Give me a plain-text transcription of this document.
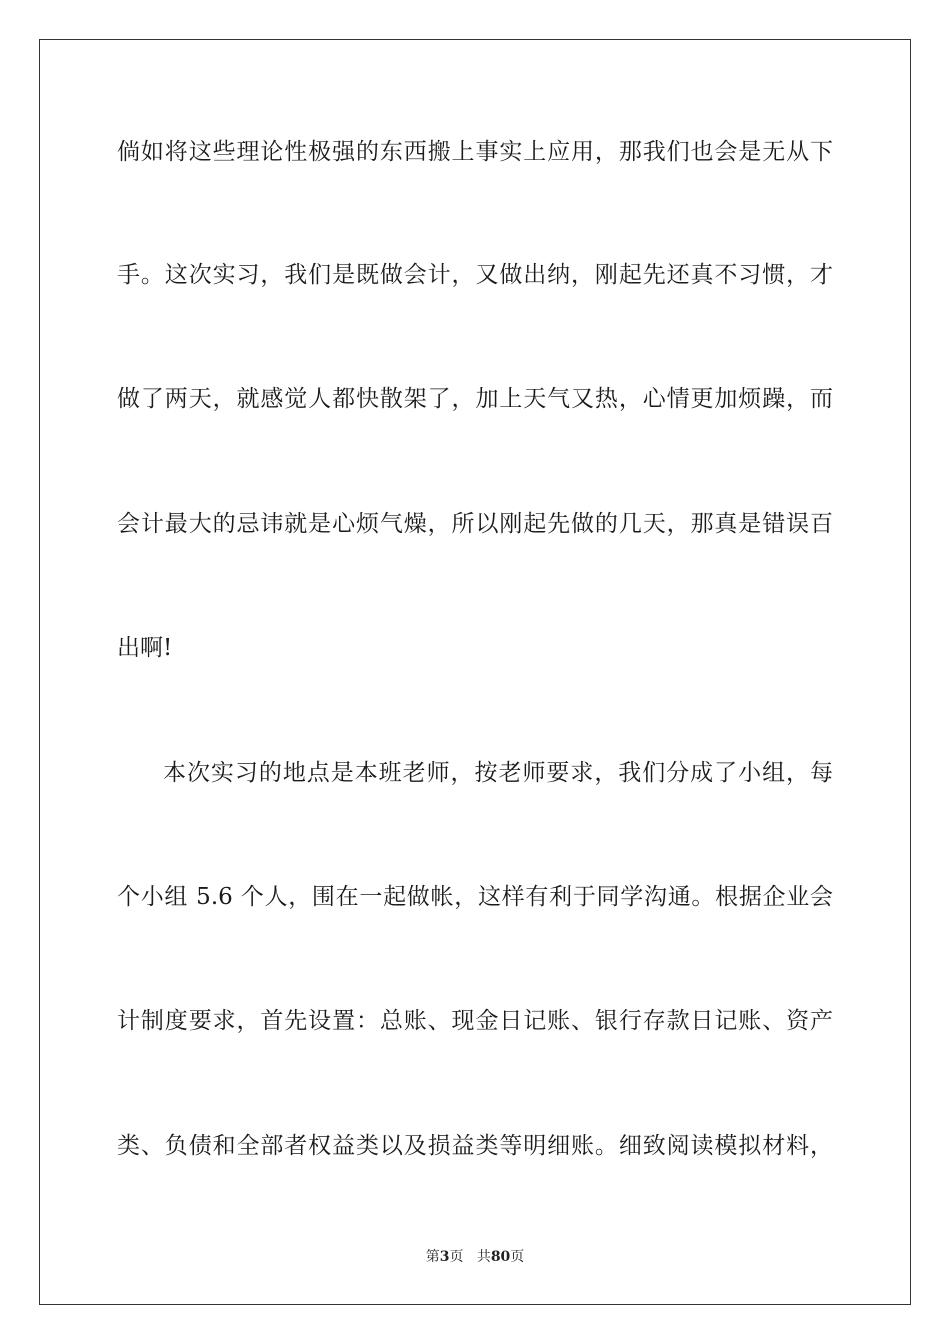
倘如将这些理论性极强的东西搬上事实上应用，那我们也会是无从下
手。这次实习，我们是既做会计，又做出纳，刚起先还真不习惯，才
做了两天，就感觉人都快散架了，加上天气又热，心情更加烦躁，而
会计最大的忌讳就是心烦气燥，所以刚起先做的几天，那真是错误百
出啊!
本次实习的地点是本班老师，按老师要求，我们分成了小组，每
个小组 5.6 个人，围在一起做帐，这样有利于同学沟通。根据企业会
计制度要求，首先设置：总账、现金日记账、银行存款日记账、资产
类、负债和全部者权益类以及损益类等明细账。细致阅读模拟材料，
第3页 共80页
